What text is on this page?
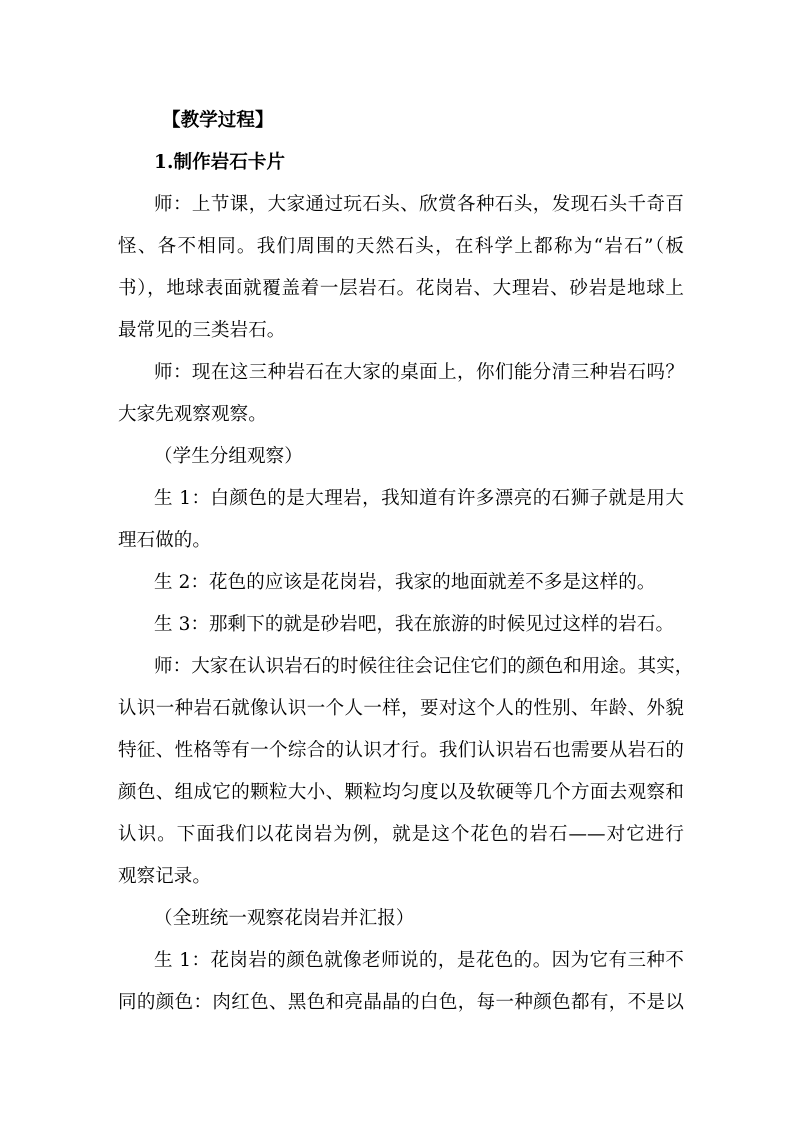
【教学过程】
1.制作岩石卡片
师：上节课，大家通过玩石头、欣赏各种石头，发现石头千奇百
怪、各不相同。我们周围的天然石头，在科学上都称为“岩石”（板
书），地球表面就覆盖着一层岩石。花岗岩、大理岩、砂岩是地球上
最常见的三类岩石。
师：现在这三种岩石在大家的桌面上，你们能分清三种岩石吗？
大家先观察观察。
（学生分组观察）
生 1：白颜色的是大理岩，我知道有许多漂亮的石狮子就是用大
理石做的。
生 2：花色的应该是花岗岩，我家的地面就差不多是这样的。
生 3：那剩下的就是砂岩吧，我在旅游的时候见过这样的岩石。
师：大家在认识岩石的时候往往会记住它们的颜色和用途。其实，
认识一种岩石就像认识一个人一样，要对这个人的性别、年龄、外貌
特征、性格等有一个综合的认识才行。我们认识岩石也需要从岩石的
颜色、组成它的颗粒大小、颗粒均匀度以及软硬等几个方面去观察和
认识。下面我们以花岗岩为例，就是这个花色的岩石——对它进行
观察记录。
（全班统一观察花岗岩并汇报）
生 1：花岗岩的颜色就像老师说的，是花色的。因为它有三种不
同的颜色：肉红色、黑色和亮晶晶的白色，每一种颜色都有，不是以
